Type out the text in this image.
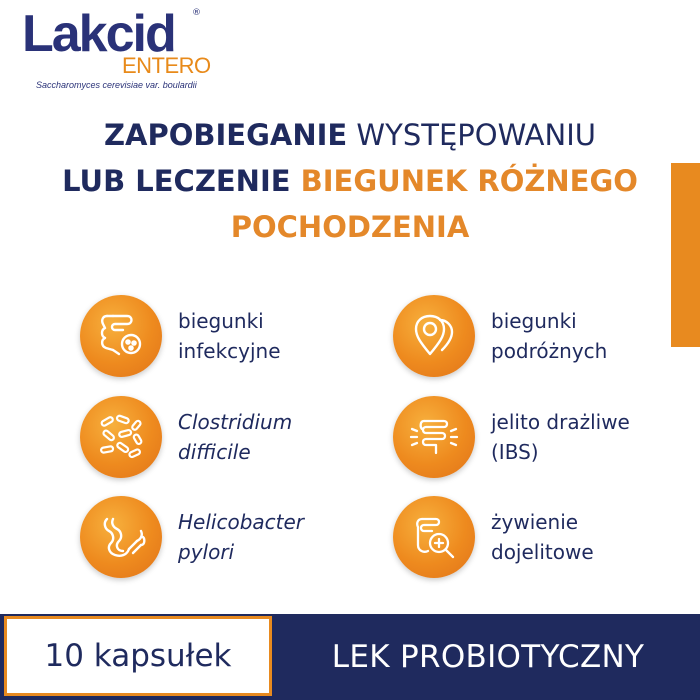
Lakcid ®
ENTERO
Saccharomyces cerevisiae var. boulardii
ZAPOBIEGANIE WYSTĘPOWANIU
LUB LECZENIE BIEGUNEK RÓŻNEGO
POCHODZENIA
biegunki
infekcyjne
biegunki
podróżnych
Clostridium
difficile
jelito drażliwe
(IBS)
Helicobacter
pylori
żywienie
dojelitowe
10 kapsułek	LEK PROBIOTYCZNY
